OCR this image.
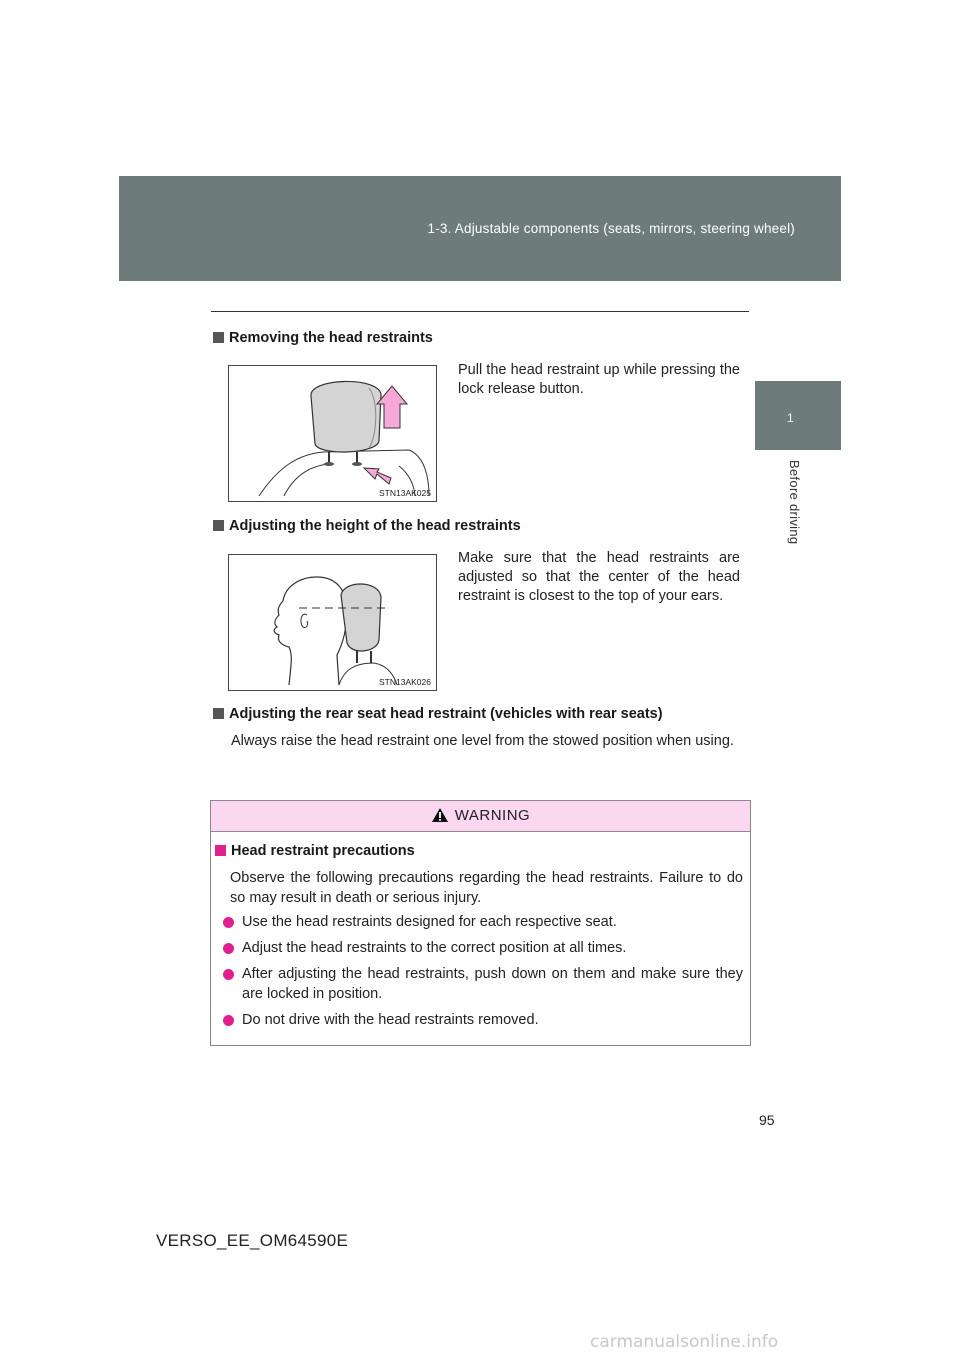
1-3. Adjustable components (seats, mirrors, steering wheel)
1
Before driving
Removing the head restraints
STN13AK025
Pull the head restraint up while pressing the lock release button.
Adjusting the height of the head restraints
STN13AK026
Make sure that the head restraints are adjusted so that the center of the head restraint is closest to the top of your ears.
Adjusting the rear seat head restraint (vehicles with rear seats)
Always raise the head restraint one level from the stowed position when using.
WARNING
Head restraint precautions
Observe the following precautions regarding the head restraints. Failure to do so may result in death or serious injury.
Use the head restraints designed for each respective seat.
Adjust the head restraints to the correct position at all times.
After adjusting the head restraints, push down on them and make sure they are locked in position.
Do not drive with the head restraints removed.
95
VERSO_EE_OM64590E
carmanualsonline.info
